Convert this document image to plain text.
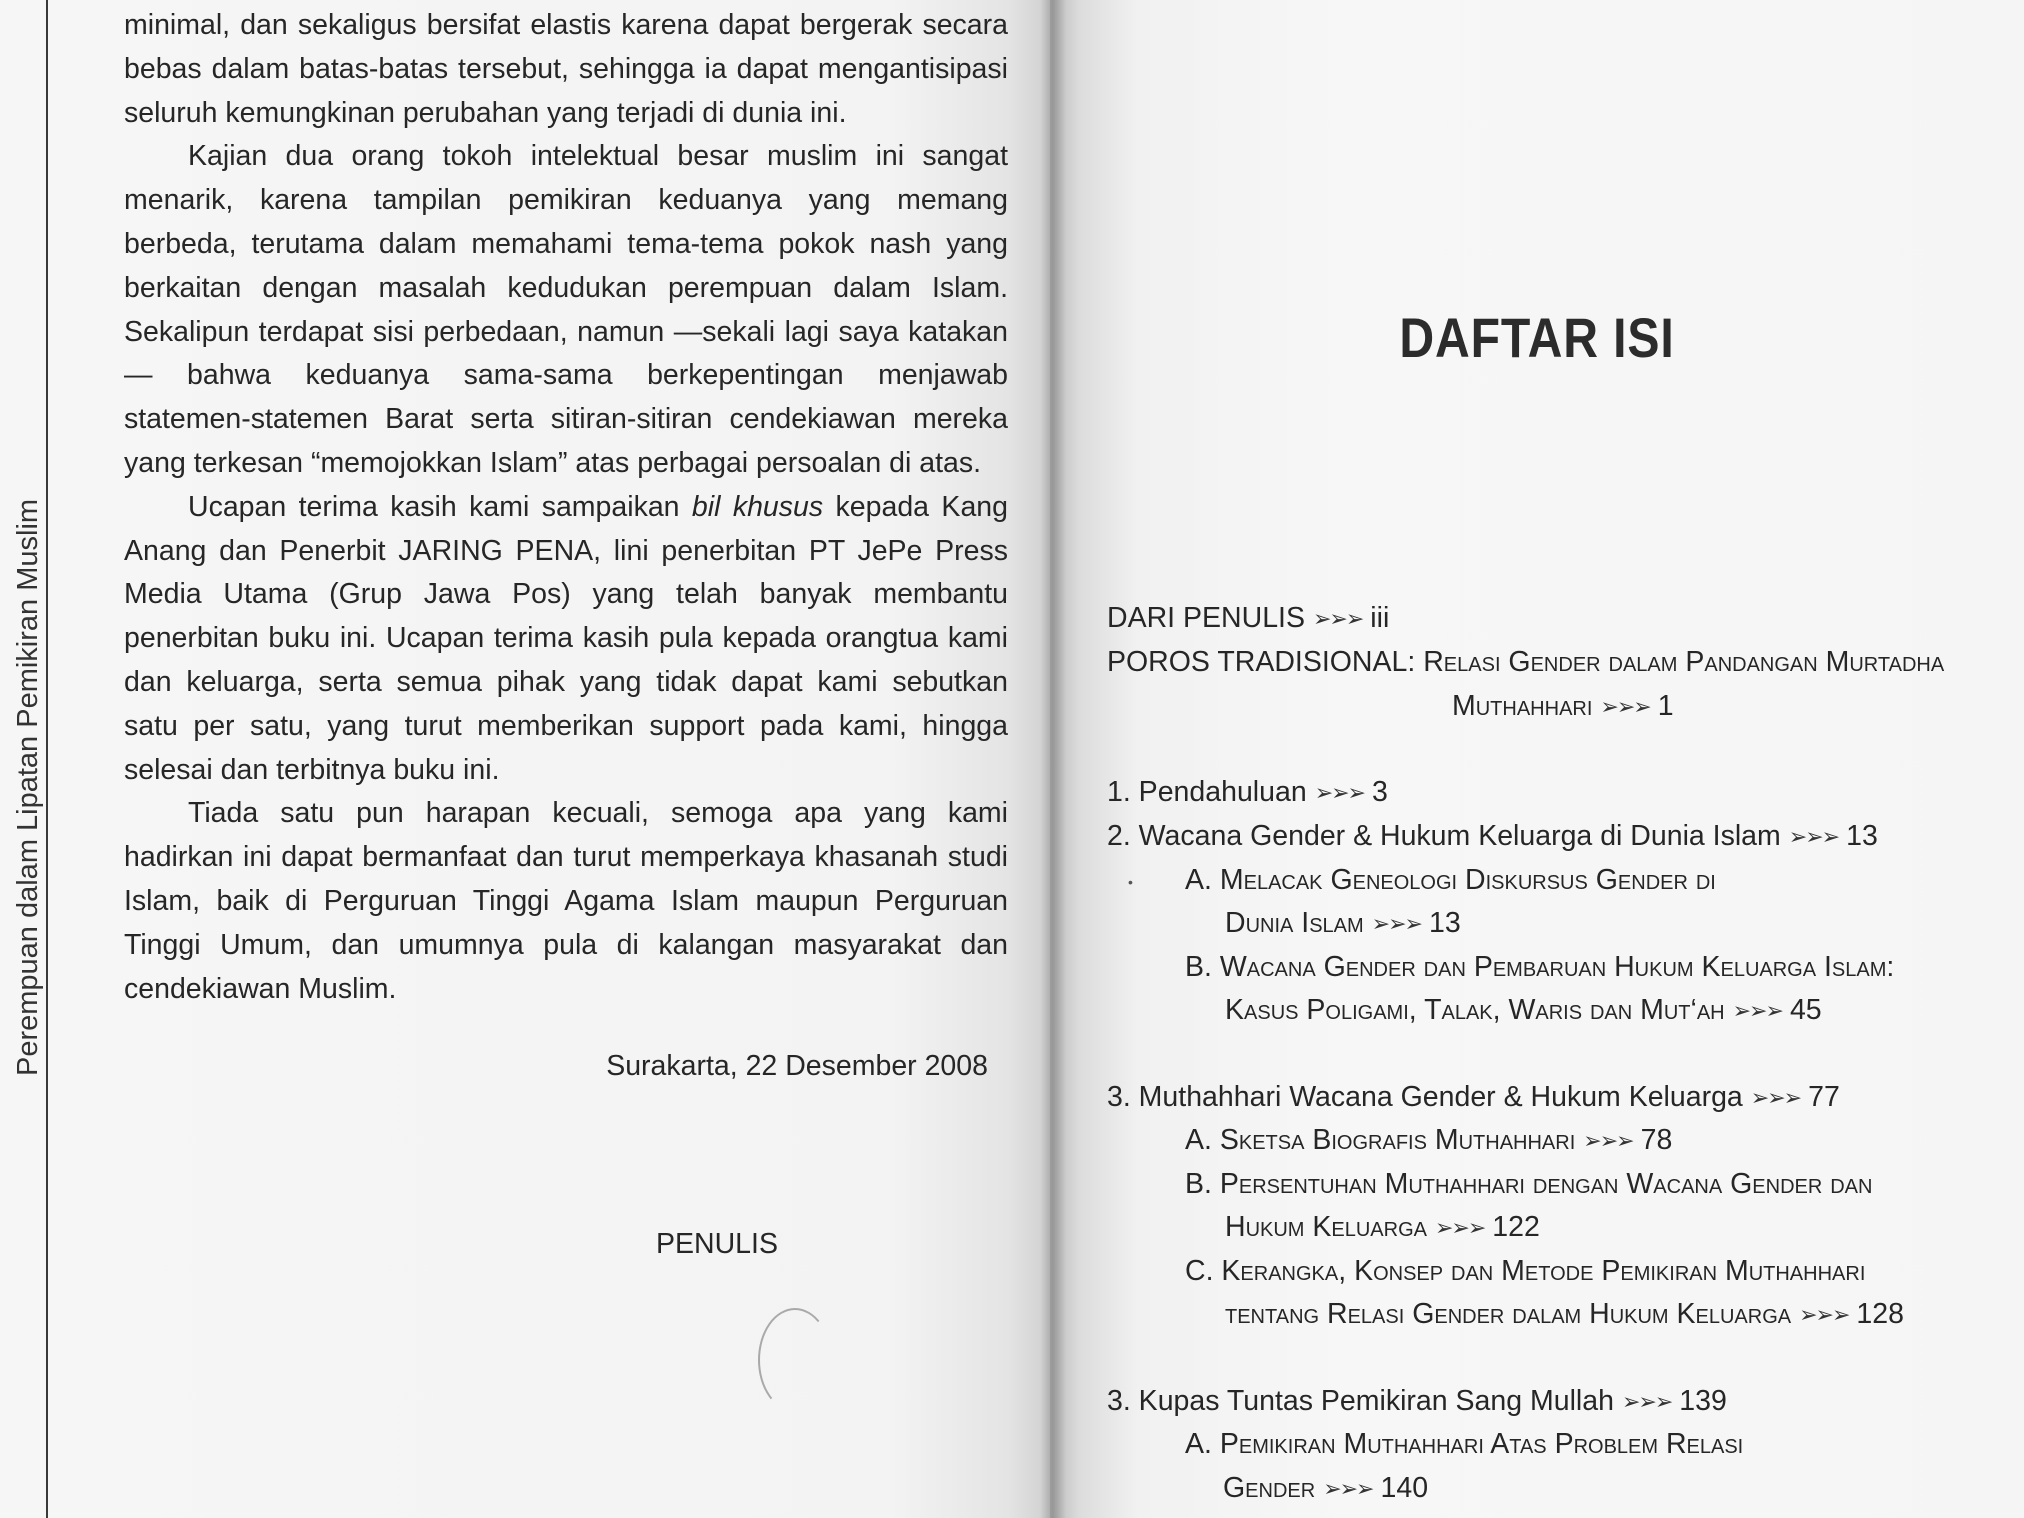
Perempuan dalam Lipatan Pemikiran Muslim

minimal, dan sekaligus bersifat elastis karena dapat bergerak secara bebas dalam batas-batas tersebut, sehingga ia dapat mengantisipasi seluruh kemungkinan perubahan yang terjadi di dunia ini.

Kajian dua orang tokoh intelektual besar muslim ini sangat menarik, karena tampilan pemikiran keduanya yang memang berbeda, terutama dalam memahami tema-tema pokok nash yang berkaitan dengan masalah kedudukan perempuan dalam Islam. Sekalipun terdapat sisi perbedaan, namun —sekali lagi saya katakan— bahwa keduanya sama-sama berkepentingan menjawab statemen-statemen Barat serta sitiran-sitiran cendekiawan mereka yang terkesan “memojokkan Islam” atas perbagai persoalan di atas.

Ucapan terima kasih kami sampaikan bil khusus kepada Kang Anang dan Penerbit JARING PENA, lini penerbitan PT JePe Press Media Utama (Grup Jawa Pos) yang telah banyak membantu penerbitan buku ini. Ucapan terima kasih pula kepada orangtua kami dan keluarga, serta semua pihak yang tidak dapat kami sebutkan satu per satu, yang turut memberikan support pada kami, hingga selesai dan terbitnya buku ini.

Tiada satu pun harapan kecuali, semoga apa yang kami hadirkan ini dapat bermanfaat dan turut memperkaya khasanah studi Islam, baik di Perguruan Tinggi Agama Islam maupun Perguruan Tinggi Umum, dan umumnya pula di kalangan masyarakat dan cendekiawan Muslim.

Surakarta, 22 Desember 2008
PENULIS
DAFTAR ISI
DARI PENULIS ➢➢➢ iii
POROS TRADISIONAL: Relasi Gender dalam Pandangan Murtadha
Muthahhari ➢➢➢ 1
1. Pendahuluan ➢➢➢ 3
2. Wacana Gender & Hukum Keluarga di Dunia Islam ➢➢➢ 13
A. Melacak Geneologi Diskursus Gender di
Dunia Islam ➢➢➢ 13
B. Wacana Gender dan Pembaruan Hukum Keluarga Islam:
Kasus Poligami, Talak, Waris dan Mut‘ah ➢➢➢ 45
3. Muthahhari Wacana Gender & Hukum Keluarga ➢➢➢ 77
A. Sketsa Biografis Muthahhari ➢➢➢ 78
B. Persentuhan Muthahhari dengan Wacana Gender dan
Hukum Keluarga ➢➢➢ 122
C. Kerangka, Konsep dan Metode Pemikiran Muthahhari
tentang Relasi Gender dalam Hukum Keluarga ➢➢➢ 128
3. Kupas Tuntas Pemikiran Sang Mullah ➢➢➢ 139
A. Pemikiran Muthahhari Atas Problem Relasi
Gender ➢➢➢ 140
•
